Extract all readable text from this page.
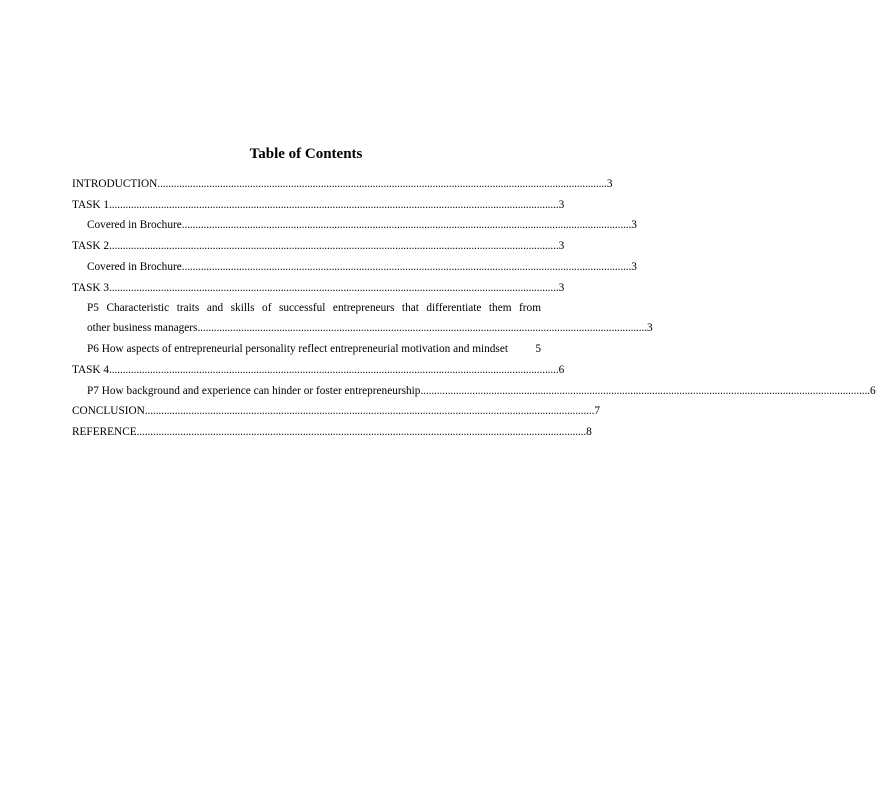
Table of Contents
INTRODUCTION ..................................................................................................................................................................... 3
TASK 1 ..................................................................................................................................................................... 3
Covered in Brochure ..................................................................................................................................................................... 3
TASK 2 ..................................................................................................................................................................... 3
Covered in Brochure ..................................................................................................................................................................... 3
TASK 3 ..................................................................................................................................................................... 3
P5 Characteristic traits and skills of successful entrepreneurs that differentiate them from
other business managers ..................................................................................................................................................................... 3
P6 How aspects of entrepreneurial personality reflect entrepreneurial motivation and mindset 5
TASK 4 ..................................................................................................................................................................... 6
P7 How background and experience can hinder or foster entrepreneurship ..................................................................................................................................................................... 6
CONCLUSION ..................................................................................................................................................................... 7
REFERENCE ..................................................................................................................................................................... 8
